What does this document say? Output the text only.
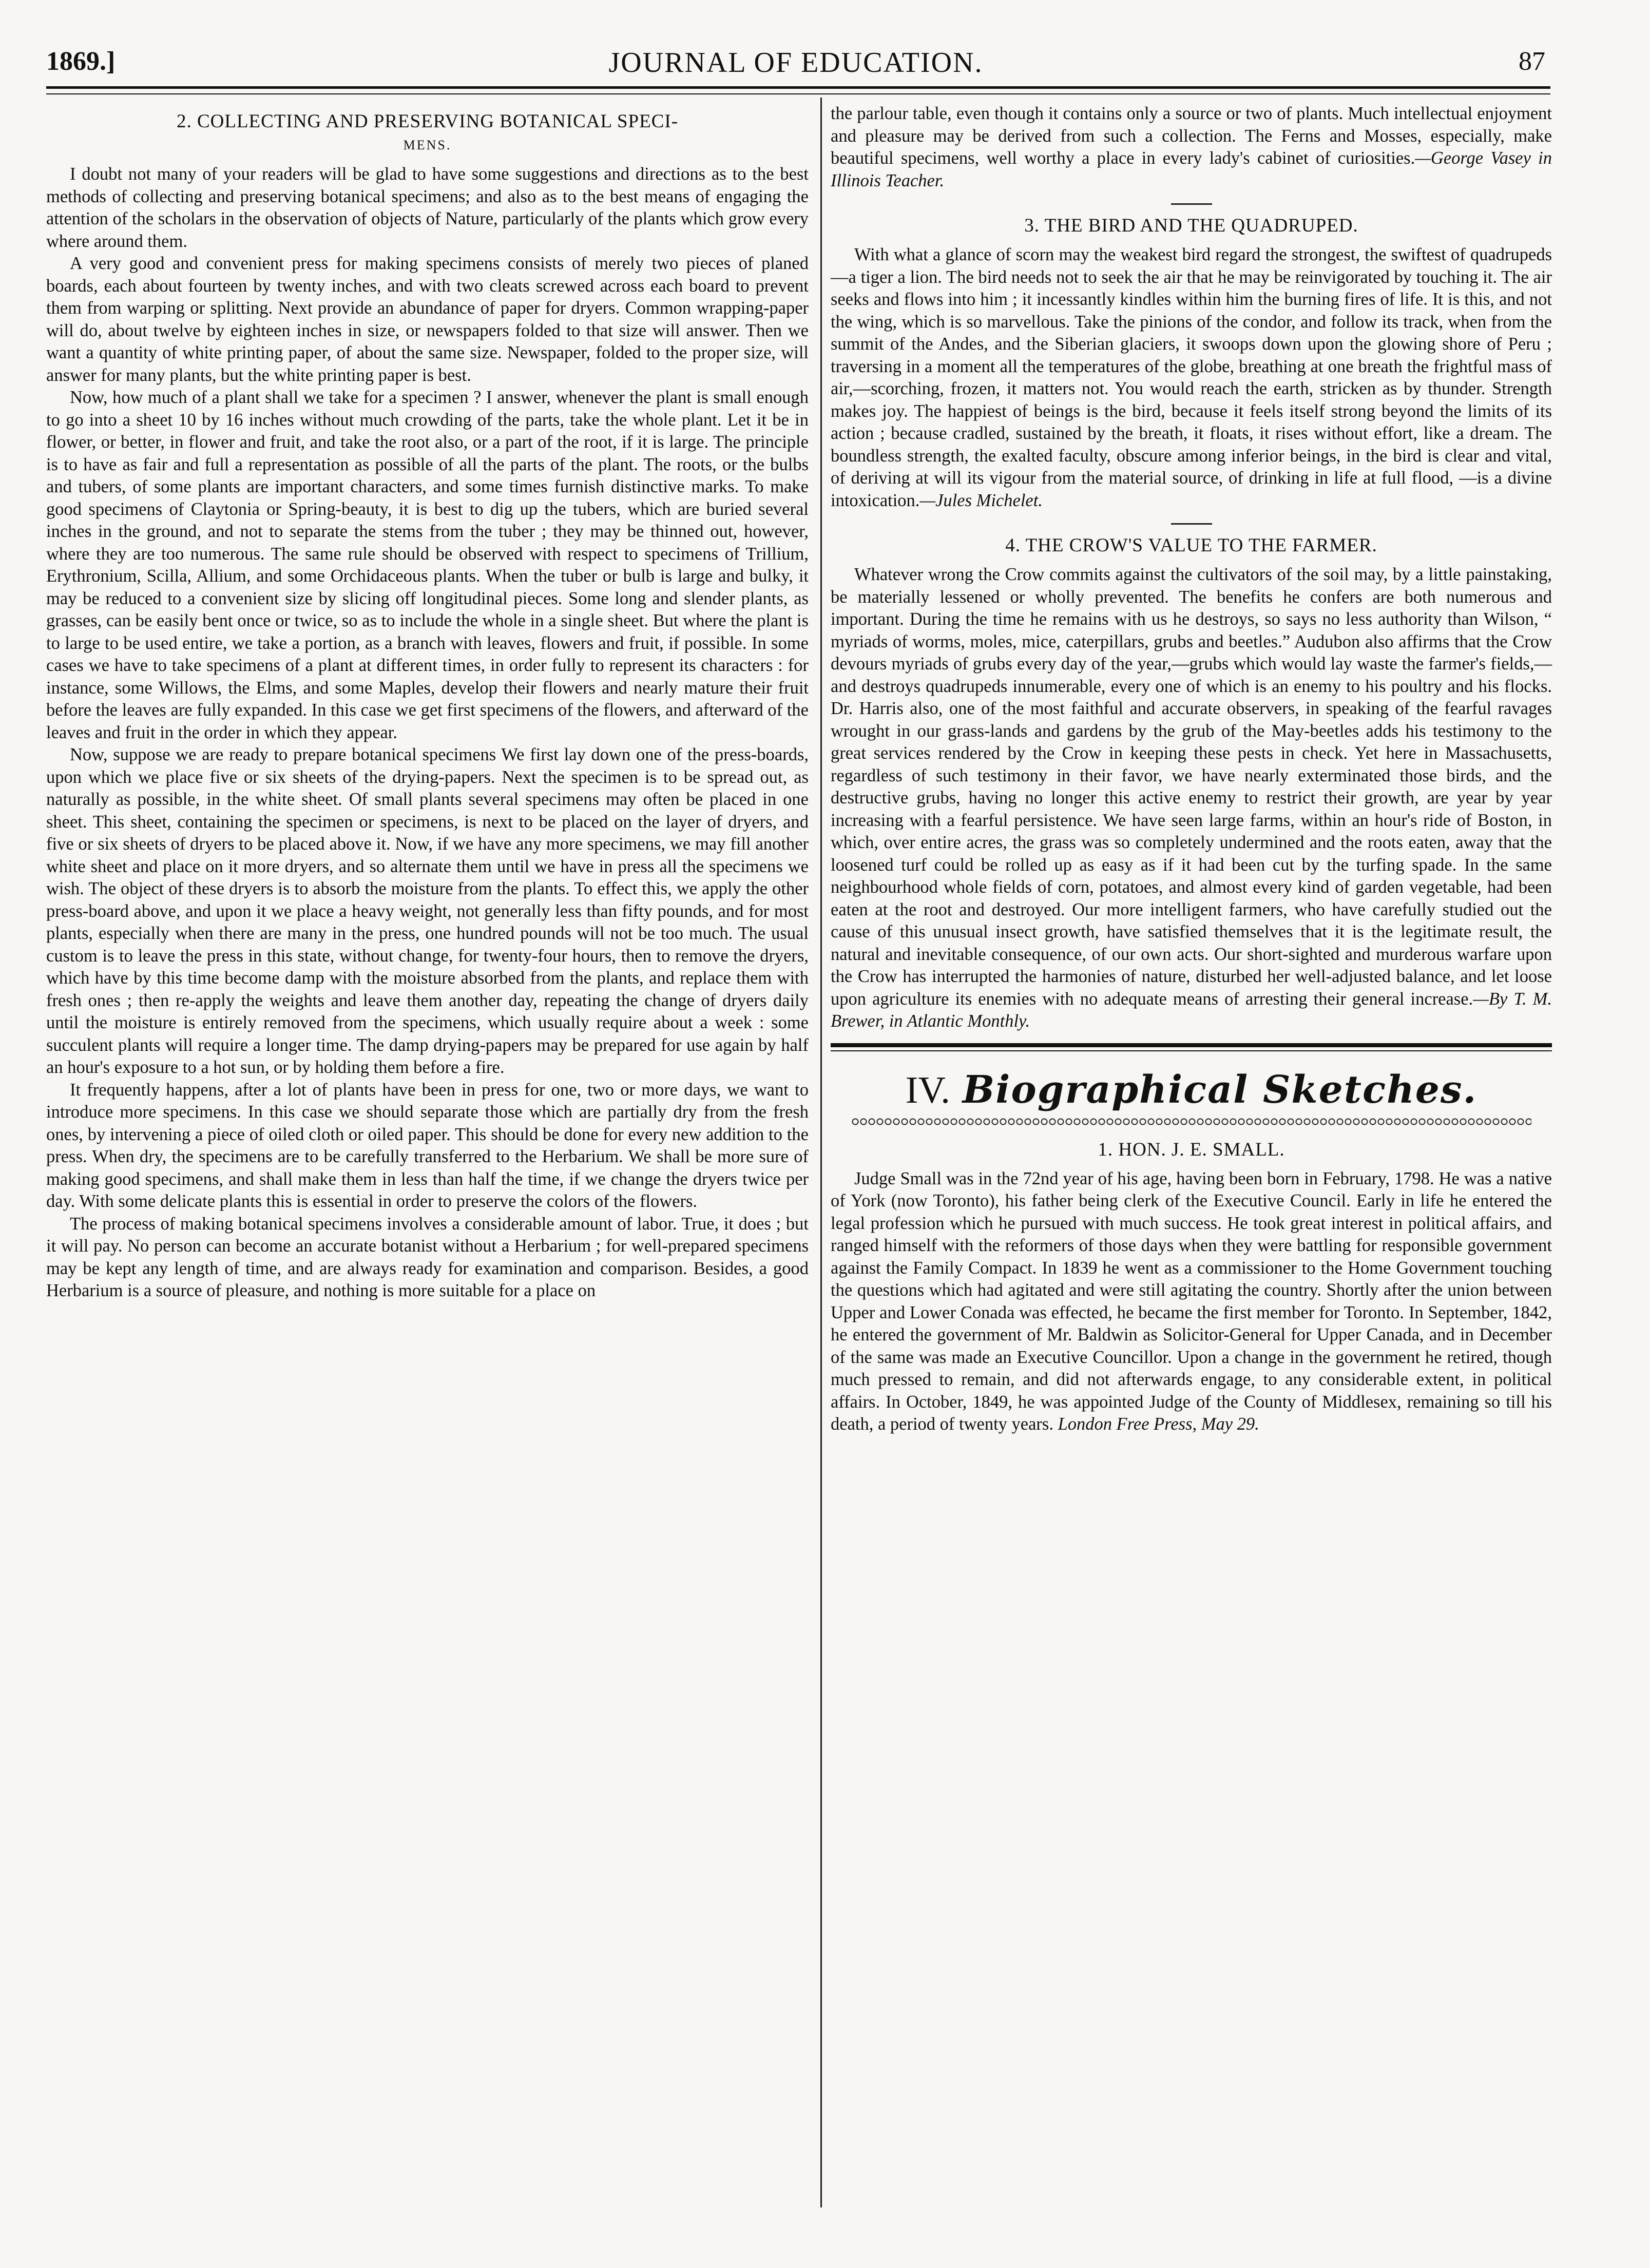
JOURNAL OF EDUCATION.
1869.]	87
2. COLLECTING AND PRESERVING BOTANICAL SPECI-
MENS.

I doubt not many of your readers will be glad to have some suggestions and directions as to the best methods of collecting and preserving botanical specimens; and also as to the best means of engaging the attention of the scholars in the observation of objects of Nature, particularly of the plants which grow every where around them.

A very good and convenient press for making specimens consists of merely two pieces of planed boards, each about fourteen by twenty inches, and with two cleats screwed across each board to prevent them from warping or splitting. Next provide an abundance of paper for dryers. Common wrapping-paper will do, about twelve by eighteen inches in size, or newspapers folded to that size will answer. Then we want a quantity of white printing paper, of about the same size. Newspaper, folded to the proper size, will answer for many plants, but the white printing paper is best.

Now, how much of a plant shall we take for a specimen ? I answer, whenever the plant is small enough to go into a sheet 10 by 16 inches without much crowding of the parts, take the whole plant. Let it be in flower, or better, in flower and fruit, and take the root also, or a part of the root, if it is large. The principle is to have as fair and full a representation as possible of all the parts of the plant. The roots, or the bulbs and tubers, of some plants are important characters, and some times furnish distinctive marks. To make good specimens of Claytonia or Spring-beauty, it is best to dig up the tubers, which are buried several inches in the ground, and not to separate the stems from the tuber ; they may be thinned out, however, where they are too numerous. The same rule should be observed with respect to specimens of Trillium, Erythronium, Scilla, Allium, and some Orchidaceous plants. When the tuber or bulb is large and bulky, it may be reduced to a convenient size by slicing off longitudinal pieces. Some long and slender plants, as grasses, can be easily bent once or twice, so as to include the whole in a single sheet. But where the plant is to large to be used entire, we take a portion, as a branch with leaves, flowers and fruit, if possible. In some cases we have to take specimens of a plant at different times, in order fully to represent its characters : for instance, some Willows, the Elms, and some Maples, develop their flowers and nearly mature their fruit before the leaves are fully expanded. In this case we get first specimens of the flowers, and afterward of the leaves and fruit in the order in which they appear.

Now, suppose we are ready to prepare botanical specimens We first lay down one of the press-boards, upon which we place five or six sheets of the drying-papers. Next the specimen is to be spread out, as naturally as possible, in the white sheet. Of small plants several specimens may often be placed in one sheet. This sheet, containing the specimen or specimens, is next to be placed on the layer of dryers, and five or six sheets of dryers to be placed above it. Now, if we have any more specimens, we may fill another white sheet and place on it more dryers, and so alternate them until we have in press all the specimens we wish. The object of these dryers is to absorb the moisture from the plants. To effect this, we apply the other press-board above, and upon it we place a heavy weight, not generally less than fifty pounds, and for most plants, especially when there are many in the press, one hundred pounds will not be too much. The usual custom is to leave the press in this state, without change, for twenty-four hours, then to remove the dryers, which have by this time become damp with the moisture absorbed from the plants, and replace them with fresh ones ; then re-apply the weights and leave them another day, repeating the change of dryers daily until the moisture is entirely removed from the specimens, which usually require about a week : some succulent plants will require a longer time. The damp drying-papers may be prepared for use again by half an hour's exposure to a hot sun, or by holding them before a fire.

It frequently happens, after a lot of plants have been in press for one, two or more days, we want to introduce more specimens. In this case we should separate those which are partially dry from the fresh ones, by intervening a piece of oiled cloth or oiled paper. This should be done for every new addition to the press. When dry, the specimens are to be carefully transferred to the Herbarium. We shall be more sure of making good specimens, and shall make them in less than half the time, if we change the dryers twice per day. With some delicate plants this is essential in order to preserve the colors of the flowers.

The process of making botanical specimens involves a considerable amount of labor. True, it does ; but it will pay. No person can become an accurate botanist without a Herbarium ; for well-prepared specimens may be kept any length of time, and are always ready for examination and comparison. Besides, a good Herbarium is a source of pleasure, and nothing is more suitable for a place on

the parlour table, even though it contains only a source or two of plants. Much intellectual enjoyment and pleasure may be derived from such a collection. The Ferns and Mosses, especially, make beautiful specimens, well worthy a place in every lady's cabinet of curiosities.—George Vasey in Illinois Teacher.

3. THE BIRD AND THE QUADRUPED.

With what a glance of scorn may the weakest bird regard the strongest, the swiftest of quadrupeds—a tiger a lion. The bird needs not to seek the air that he may be reinvigorated by touching it. The air seeks and flows into him ; it incessantly kindles within him the burning fires of life. It is this, and not the wing, which is so marvellous. Take the pinions of the condor, and follow its track, when from the summit of the Andes, and the Siberian glaciers, it swoops down upon the glowing shore of Peru ; traversing in a moment all the temperatures of the globe, breathing at one breath the frightful mass of air,—scorching, frozen, it matters not. You would reach the earth, stricken as by thunder. Strength makes joy. The happiest of beings is the bird, because it feels itself strong beyond the limits of its action ; because cradled, sustained by the breath, it floats, it rises without effort, like a dream. The boundless strength, the exalted faculty, obscure among inferior beings, in the bird is clear and vital, of deriving at will its vigour from the material source, of drinking in life at full flood, —is a divine intoxication.—Jules Michelet.

4. THE CROW'S VALUE TO THE FARMER.

Whatever wrong the Crow commits against the cultivators of the soil may, by a little painstaking, be materially lessened or wholly prevented. The benefits he confers are both numerous and important. During the time he remains with us he destroys, so says no less authority than Wilson, “ myriads of worms, moles, mice, caterpillars, grubs and beetles.” Audubon also affirms that the Crow devours myriads of grubs every day of the year,—grubs which would lay waste the farmer's fields,—and destroys quadrupeds innumerable, every one of which is an enemy to his poultry and his flocks. Dr. Harris also, one of the most faithful and accurate observers, in speaking of the fearful ravages wrought in our grass-lands and gardens by the grub of the May-beetles adds his testimony to the great services rendered by the Crow in keeping these pests in check. Yet here in Massachusetts, regardless of such testimony in their favor, we have nearly exterminated those birds, and the destructive grubs, having no longer this active enemy to restrict their growth, are year by year increasing with a fearful persistence. We have seen large farms, within an hour's ride of Boston, in which, over entire acres, the grass was so completely undermined and the roots eaten, away that the loosened turf could be rolled up as easy as if it had been cut by the turfing spade. In the same neighbourhood whole fields of corn, potatoes, and almost every kind of garden vegetable, had been eaten at the root and destroyed. Our more intelligent farmers, who have carefully studied out the cause of this unusual insect growth, have satisfied themselves that it is the legitimate result, the natural and inevitable consequence, of our own acts. Our short-sighted and murderous warfare upon the Crow has interrupted the harmonies of nature, disturbed her well-adjusted balance, and let loose upon agriculture its enemies with no adequate means of arresting their general increase.—By T. M. Brewer, in Atlantic Monthly.

IV. Biographical Sketches.
1. HON. J. E. SMALL.

Judge Small was in the 72nd year of his age, having been born in February, 1798. He was a native of York (now Toronto), his father being clerk of the Executive Council. Early in life he entered the legal profession which he pursued with much success. He took great interest in political affairs, and ranged himself with the reformers of those days when they were battling for responsible government against the Family Compact. In 1839 he went as a commissioner to the Home Government touching the questions which had agitated and were still agitating the country. Shortly after the union between Upper and Lower Conada was effected, he became the first member for Toronto. In September, 1842, he entered the government of Mr. Baldwin as Solicitor-General for Upper Canada, and in December of the same was made an Executive Councillor. Upon a change in the government he retired, though much pressed to remain, and did not afterwards engage, to any considerable extent, in political affairs. In October, 1849, he was appointed Judge of the County of Middlesex, remaining so till his death, a period of twenty years. London Free Press, May 29.
